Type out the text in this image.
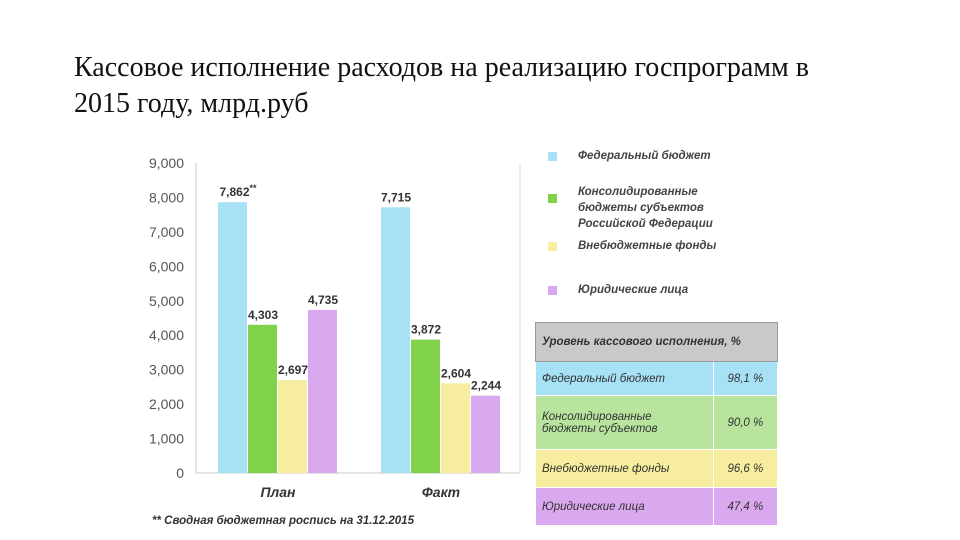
Кассовое исполнение расходов на реализацию госпрограмм в 2015 году, млрд.руб
0
1,000
2,000
3,000
4,000
5,000
6,000
7,000
8,000
9,000
7,862**
4,303
2,697
4,735
7,715
3,872
2,604
2,244
План	Факт
** Сводная бюджетная роспись на 31.12.2015
Федеральный бюджет
Консолидированные
бюджеты субъектов
Российской Федерации
Внебюджетные фонды
Юридические лица
Уровень кассового исполнения, %	
Федеральный бюджет	98,1 %
Консолидированные бюджеты субъектов	90,0 %
Внебюджетные фонды	96,6 %
Юридические лица	47,4 %
